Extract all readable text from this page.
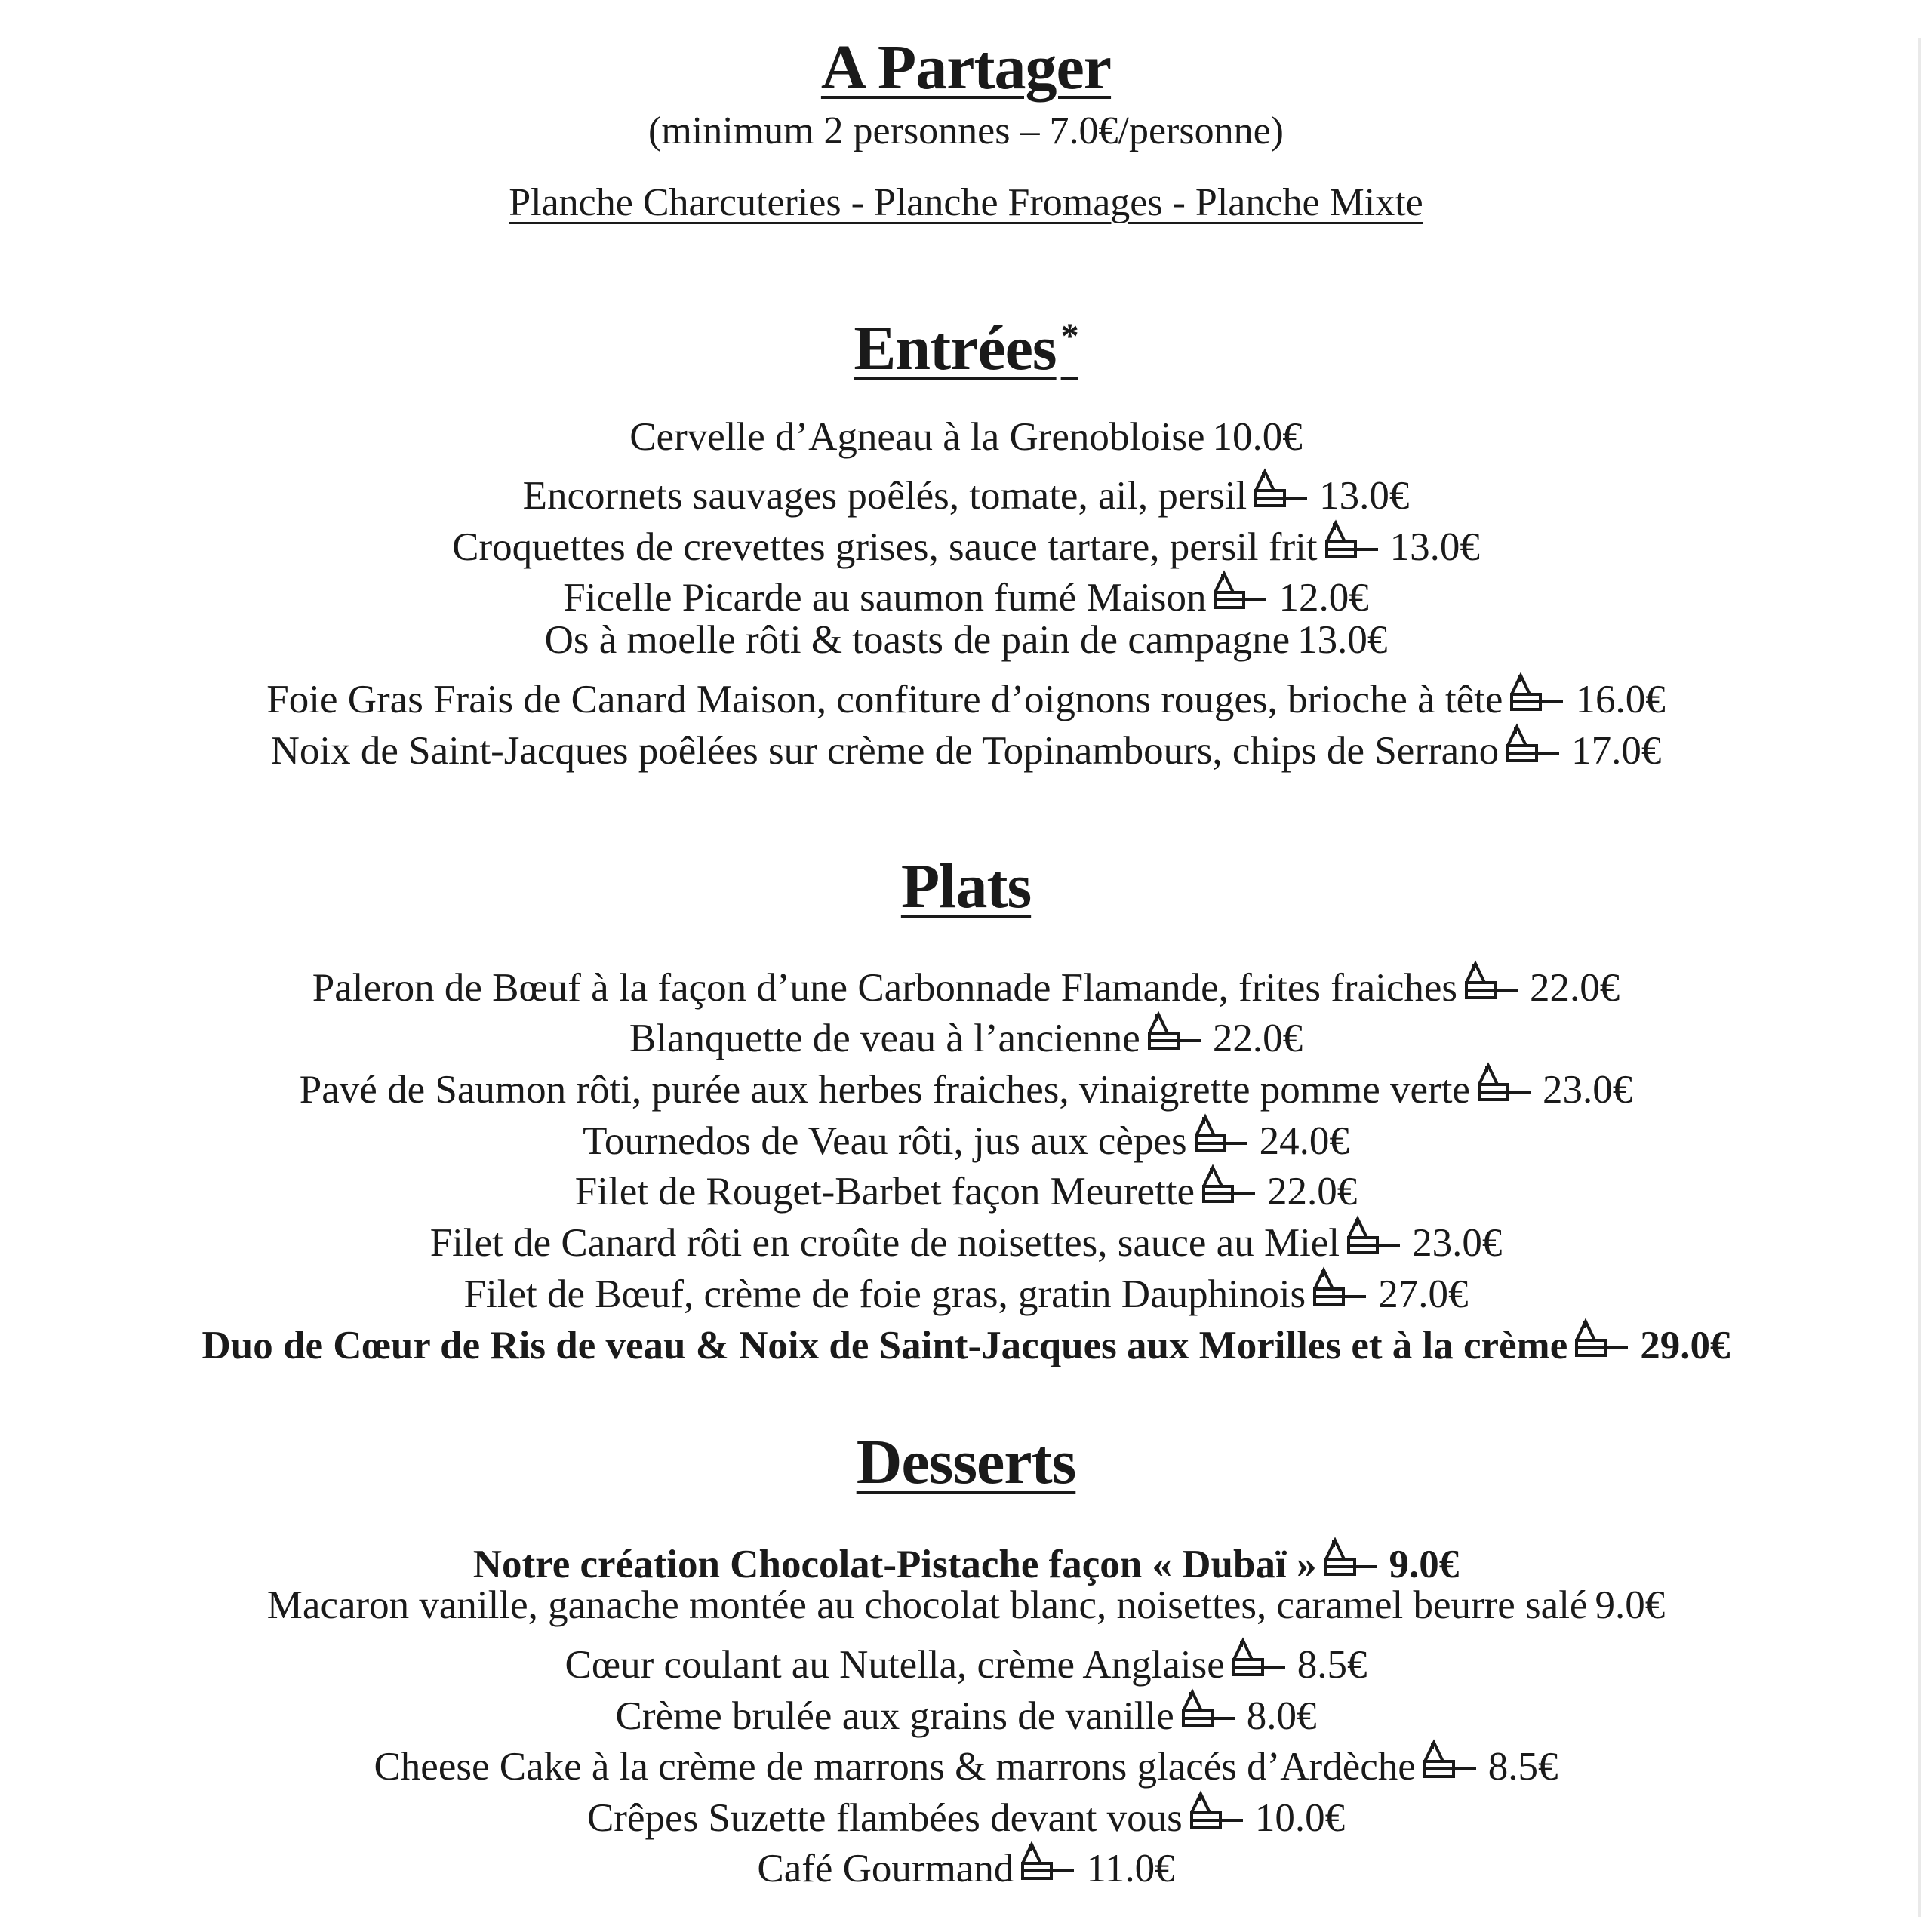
A Partager
(minimum 2 personnes – 7.0€/personne)
Planche Charcuteries - Planche Fromages - Planche Mixte
Entrées *
Cervelle d’Agneau à la Grenobloise 10.0€
Encornets sauvages poêlés, tomate, ail, persil 13.0€
Croquettes de crevettes grises, sauce tartare, persil frit 13.0€
Ficelle Picarde au saumon fumé Maison 12.0€
Os à moelle rôti & toasts de pain de campagne 13.0€
Foie Gras Frais de Canard Maison, confiture d’oignons rouges, brioche à tête 16.0€
Noix de Saint-Jacques poêlées sur crème de Topinambours, chips de Serrano 17.0€
Plats
Paleron de Bœuf à la façon d’une Carbonnade Flamande, frites fraiches 22.0€
Blanquette de veau à l’ancienne 22.0€
Pavé de Saumon rôti, purée aux herbes fraiches, vinaigrette pomme verte 23.0€
Tournedos de Veau rôti, jus aux cèpes 24.0€
Filet de Rouget-Barbet façon Meurette 22.0€
Filet de Canard rôti en croûte de noisettes, sauce au Miel 23.0€
Filet de Bœuf, crème de foie gras, gratin Dauphinois 27.0€
Duo de Cœur de Ris de veau & Noix de Saint-Jacques aux Morilles et à la crème 29.0€
Desserts
Notre création Chocolat-Pistache façon « Dubaï » 9.0€
Macaron vanille, ganache montée au chocolat blanc, noisettes, caramel beurre salé 9.0€
Cœur coulant au Nutella, crème Anglaise 8.5€
Crème brulée aux grains de vanille 8.0€
Cheese Cake à la crème de marrons & marrons glacés d’Ardèche 8.5€
Crêpes Suzette flambées devant vous 10.0€
Café Gourmand 11.0€
